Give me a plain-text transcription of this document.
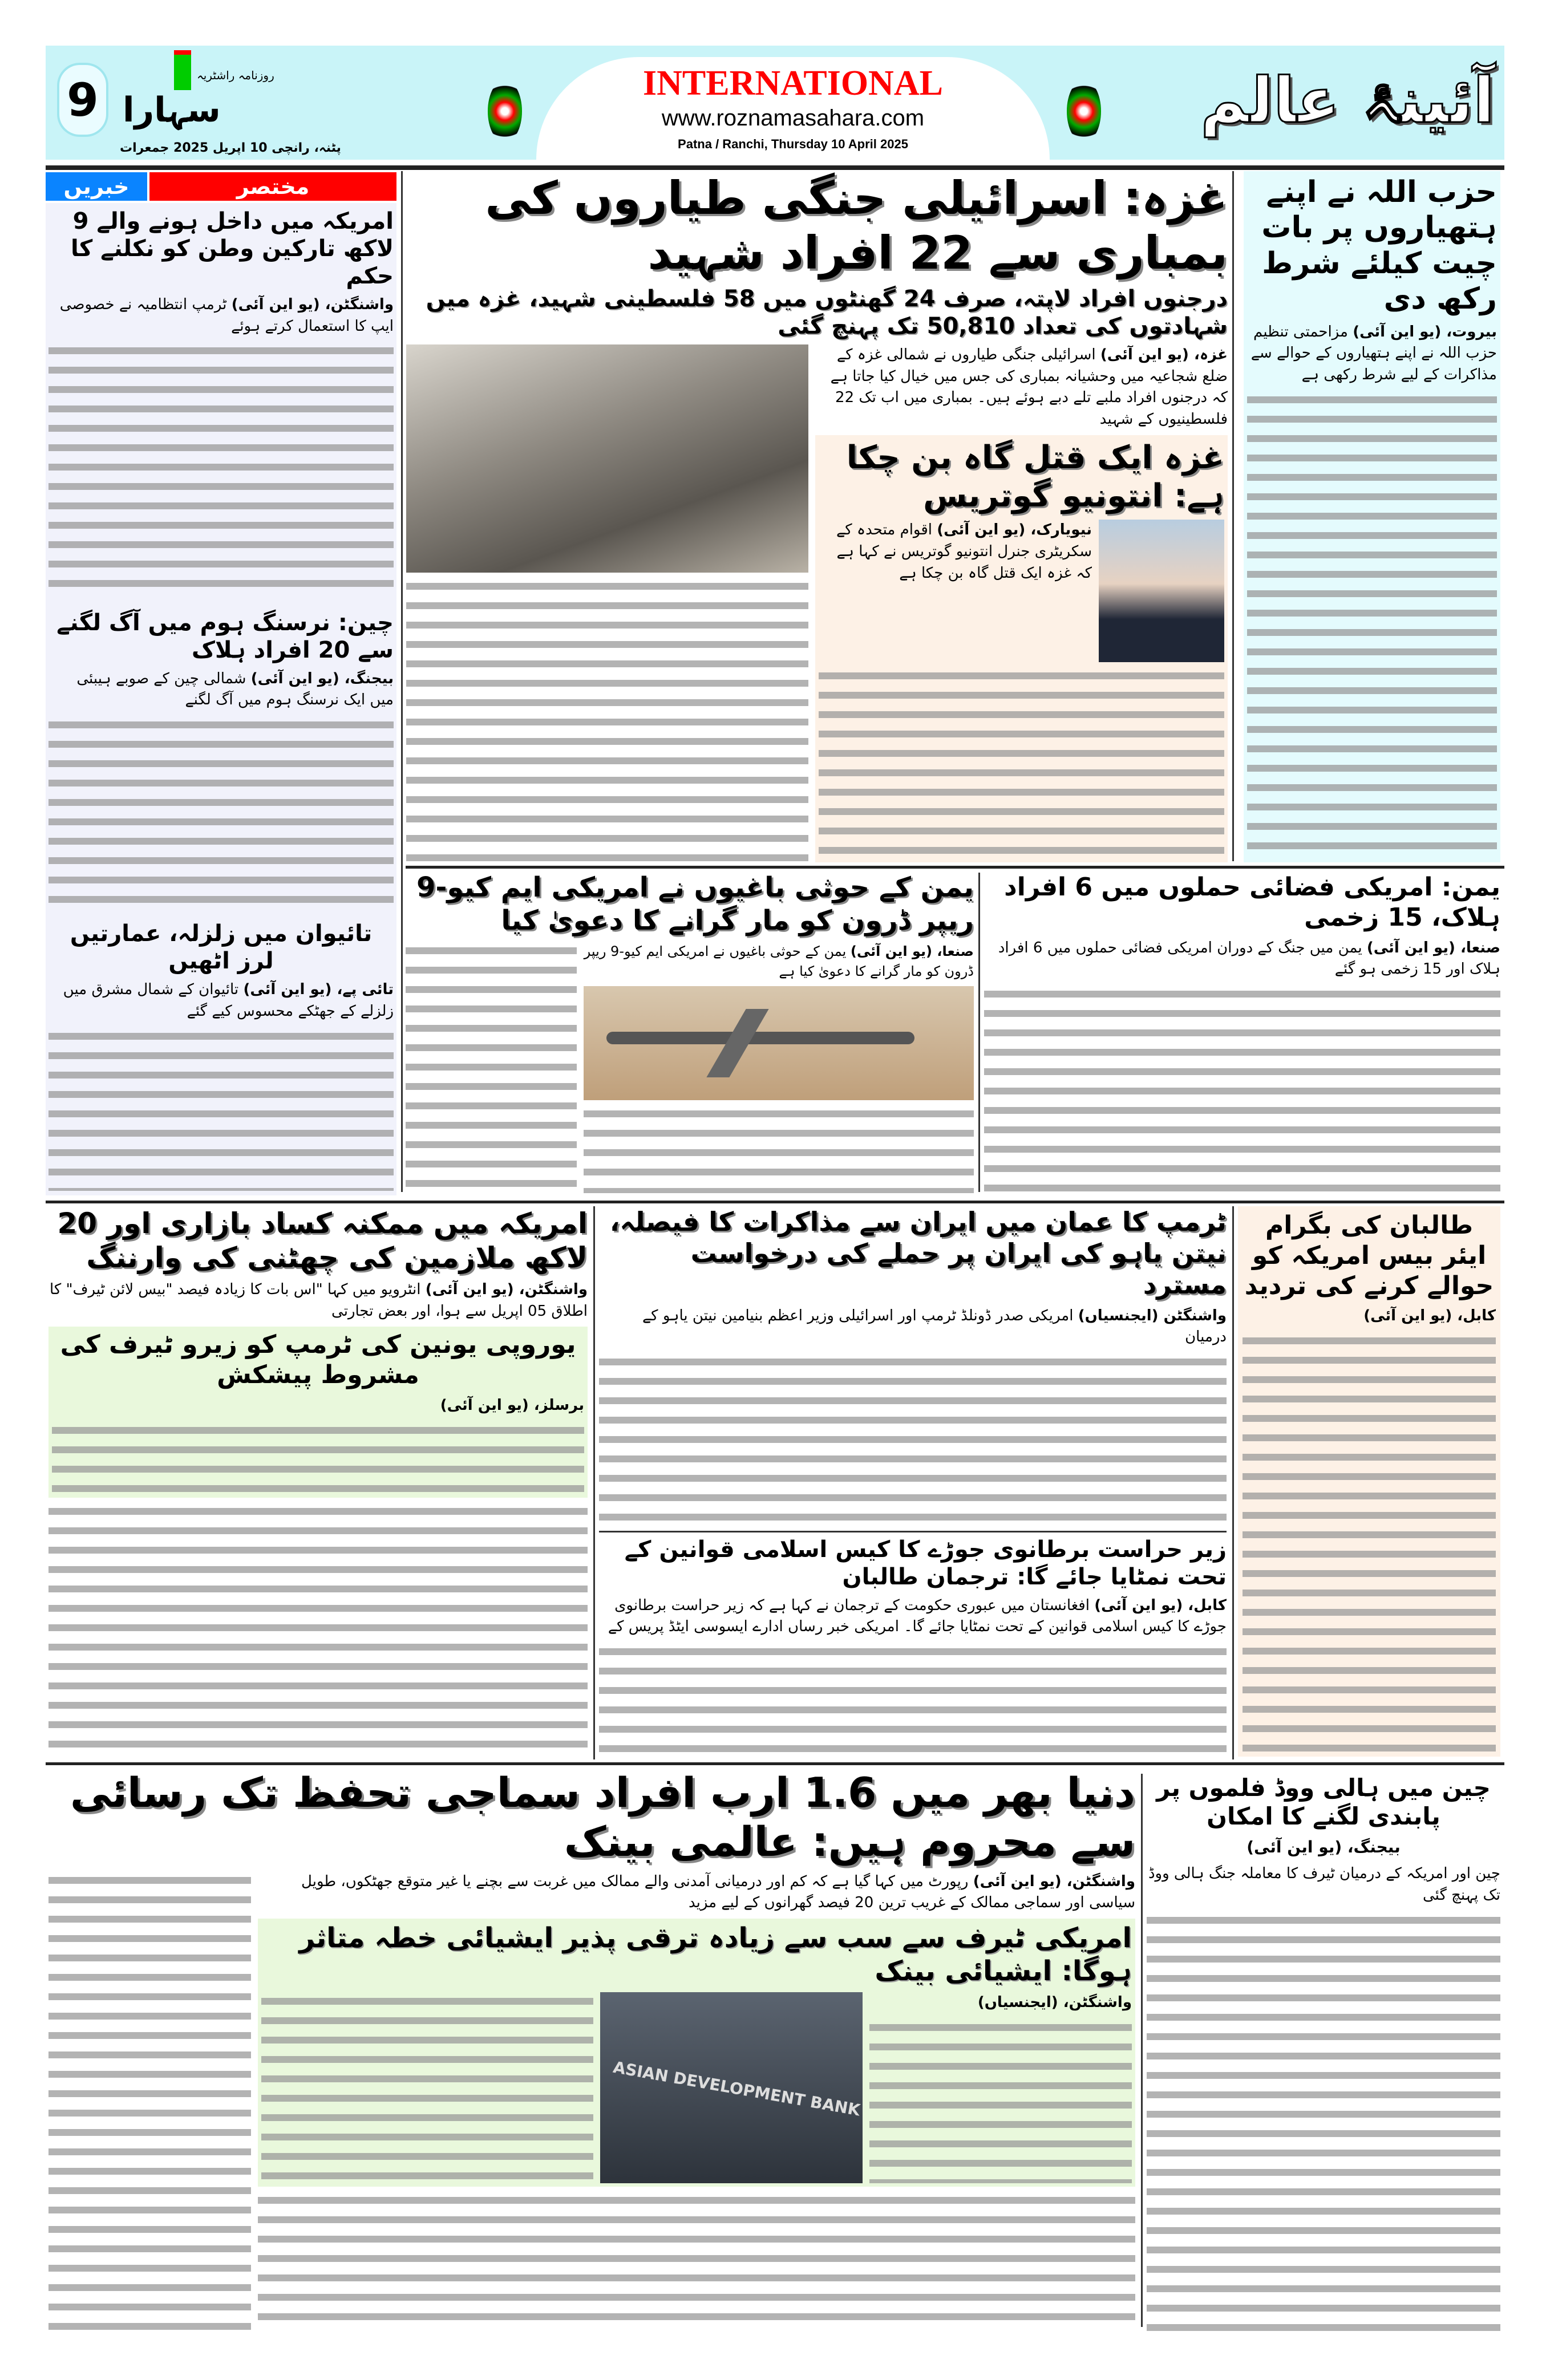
9	روزنامہ راشٹریہ
سہارا
پٹنہ، رانچی 10 اپریل 2025 جمعرات
INTERNATIONAL
www.roznamasahara.com
Patna / Ranchi, Thursday 10 April 2025
آئینۂ عالم
خبریں	مختصر
امریکہ میں داخل ہونے والے 9 لاکھ تارکین وطن کو نکلنے کا حکم
واشنگٹن، (یو این آئی) ٹرمپ انتظامیہ نے خصوصی ایپ کا استعمال کرتے ہوئے
چین: نرسنگ ہوم میں آگ لگنے سے 20 افراد ہلاک
بیجنگ، (یو این آئی) شمالی چین کے صوبے ہیبئی میں ایک نرسنگ ہوم میں آگ لگنے
تائیوان میں زلزلہ، عمارتیں لرز اٹھیں
تائی پے، (یو این آئی) تائیوان کے شمال مشرق میں زلزلے کے جھٹکے محسوس کیے گئے
غزہ: اسرائیلی جنگی طیاروں کی بمباری سے 22 افراد شہید
درجنوں افراد لاپتہ، صرف 24 گھنٹوں میں 58 فلسطینی شہید، غزہ میں شہادتوں کی تعداد 50,810 تک پہنچ گئی
غزہ، (یو این آئی) اسرائیلی جنگی طیاروں نے شمالی غزہ کے ضلع شجاعیہ میں وحشیانہ بمباری کی جس میں خیال کیا جاتا ہے کہ درجنوں افراد ملبے تلے دبے ہوئے ہیں۔ بمباری میں اب تک 22 فلسطینیوں کے شہید
غزہ ایک قتل گاہ بن چکا ہے: انتونیو گوتریس
نیویارک، (یو این آئی) اقوام متحدہ کے سکریٹری جنرل انتونیو گوتریس نے کہا ہے کہ غزہ ایک قتل گاہ بن چکا ہے
حزب اللہ نے اپنے ہتھیاروں پر بات چیت کیلئے شرط رکھ دی
بیروت، (یو این آئی) مزاحمتی تنظیم حزب اللہ نے اپنے ہتھیاروں کے حوالے سے مذاکرات کے لیے شرط رکھی ہے
یمن کے حوثی باغیوں نے امریکی ایم کیو-9 ریپر ڈرون کو مار گرانے کا دعویٰ کیا
صنعا، (یو این آئی) یمن کے حوثی باغیوں نے امریکی ایم کیو-9 ریپر ڈرون کو مار گرانے کا دعویٰ کیا ہے
یمن: امریکی فضائی حملوں میں 6 افراد ہلاک، 15 زخمی
صنعا، (یو این آئی) یمن میں جنگ کے دوران امریکی فضائی حملوں میں 6 افراد ہلاک اور 15 زخمی ہو گئے
امریکہ میں ممکنہ کساد بازاری اور 20 لاکھ ملازمین کی چھٹنی کی وارننگ
واشنگٹن، (یو این آئی) انٹرویو میں کہا "اس بات کا زیادہ فیصد "بیس لائن ٹیرف" کا اطلاق 05 اپریل سے ہوا، اور بعض تجارتی
یوروپی یونین کی ٹرمپ کو زیرو ٹیرف کی مشروط پیشکش
برسلز، (یو این آئی)
ٹرمپ کا عمان میں ایران سے مذاکرات کا فیصلہ، نیتن یاہو کی ایران پر حملے کی درخواست مسترد
واشنگٹن (ایجنسیاں) امریکی صدر ڈونلڈ ٹرمپ اور اسرائیلی وزیر اعظم بنیامین نیتن یاہو کے درمیان
زیر حراست برطانوی جوڑے کا کیس اسلامی قوانین کے تحت نمٹایا جائے گا: ترجمان طالبان
کابل، (یو این آئی) افغانستان میں عبوری حکومت کے ترجمان نے کہا ہے کہ زیر حراست برطانوی جوڑے کا کیس اسلامی قوانین کے تحت نمٹایا جائے گا۔ امریکی خبر رساں ادارے ایسوسی ایٹڈ پریس کے
طالبان کی بگرام ایئر بیس امریکہ کو حوالے کرنے کی تردید
کابل، (یو این آئی)
دنیا بھر میں 1.6 ارب افراد سماجی تحفظ تک رسائی سے محروم ہیں: عالمی بینک
واشنگٹن، (یو این آئی) رپورٹ میں کہا گیا ہے کہ کم اور درمیانی آمدنی والے ممالک میں غربت سے بچنے یا غیر متوقع جھٹکوں، طویل سیاسی اور سماجی ممالک کے غریب ترین 20 فیصد گھرانوں کے لیے مزید
امریکی ٹیرف سے سب سے زیادہ ترقی پذیر ایشیائی خطہ متاثر ہوگا: ایشیائی بینک
ASIAN DEVELOPMENT BANK
واشنگٹن، (ایجنسیاں)
چین میں ہالی ووڈ فلموں پر پابندی لگنے کا امکان
بیجنگ، (یو این آئی)
چین اور امریکہ کے درمیان ٹیرف کا معاملہ جنگ ہالی ووڈ تک پہنچ گئی
